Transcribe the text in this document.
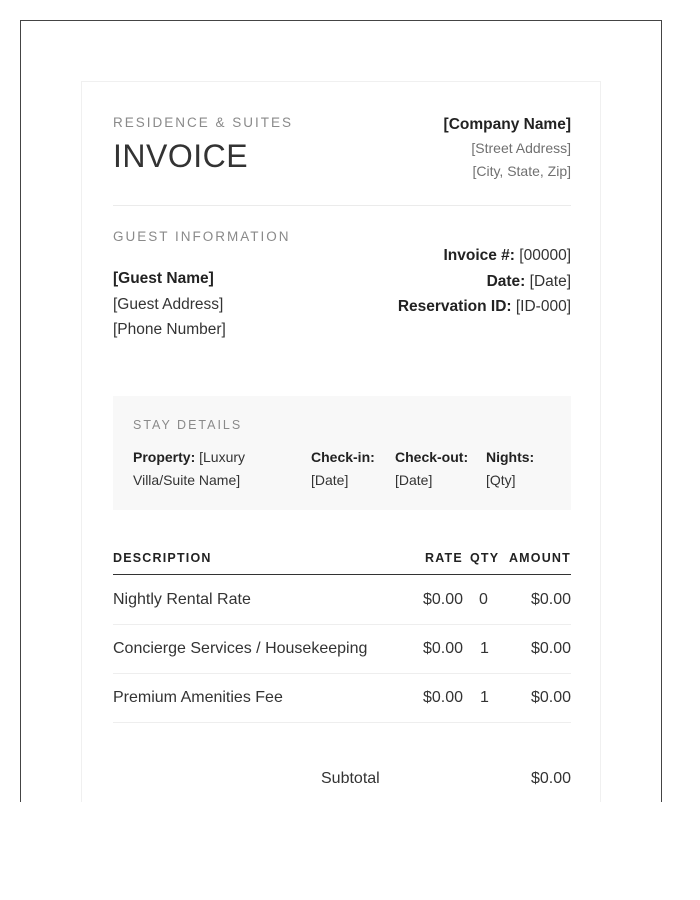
RESIDENCE & SUITES
INVOICE
[Company Name]
[Street Address]
[City, State, Zip]
GUEST INFORMATION
[Guest Name]
[Guest Address]
[Phone Number]
Invoice #: [00000]
Date: [Date]
Reservation ID: [ID-000]
STAY DETAILS
Property: [Luxury
Villa/Suite Name]
Check-in:
[Date]
Check-out:
[Date]
Nights:
[Qty]
DESCRIPTION	RATE QTY AMOUNT
Nightly Rental Rate	$0.00 0	$0.00
Concierge Services / Housekeeping	$0.00 1	$0.00
Premium Amenities Fee	$0.00 1	$0.00
Subtotal	$0.00
